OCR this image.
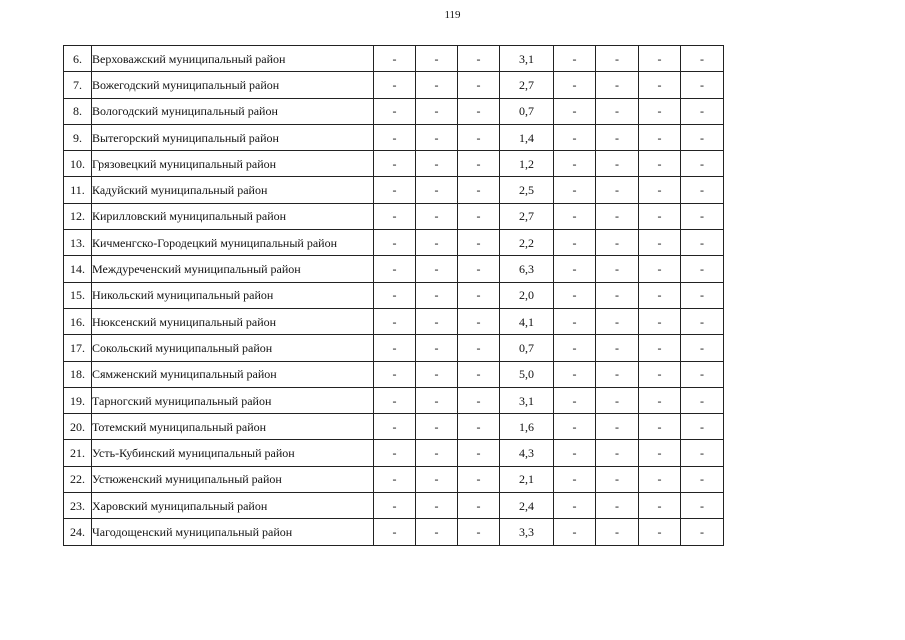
119
6.	Верховажский муниципальный район	-	-	-	3,1	-	-	-	-
7.	Вожегодский муниципальный район	-	-	-	2,7	-	-	-	-
8.	Вологодский муниципальный район	-	-	-	0,7	-	-	-	-
9.	Вытегорский муниципальный район	-	-	-	1,4	-	-	-	-
10.	Грязовецкий муниципальный район	-	-	-	1,2	-	-	-	-
11.	Кадуйский муниципальный район	-	-	-	2,5	-	-	-	-
12.	Кирилловский муниципальный район	-	-	-	2,7	-	-	-	-
13.	Кичменгско-Городецкий муниципальный район	-	-	-	2,2	-	-	-	-
14.	Междуреченский муниципальный район	-	-	-	6,3	-	-	-	-
15.	Никольский муниципальный район	-	-	-	2,0	-	-	-	-
16.	Нюксенский муниципальный район	-	-	-	4,1	-	-	-	-
17.	Сокольский муниципальный район	-	-	-	0,7	-	-	-	-
18.	Сямженский муниципальный район	-	-	-	5,0	-	-	-	-
19.	Тарногский муниципальный район	-	-	-	3,1	-	-	-	-
20.	Тотемский муниципальный район	-	-	-	1,6	-	-	-	-
21.	Усть-Кубинский муниципальный район	-	-	-	4,3	-	-	-	-
22.	Устюженский муниципальный район	-	-	-	2,1	-	-	-	-
23.	Харовский муниципальный район	-	-	-	2,4	-	-	-	-
24.	Чагодощенский муниципальный район	-	-	-	3,3	-	-	-	-
